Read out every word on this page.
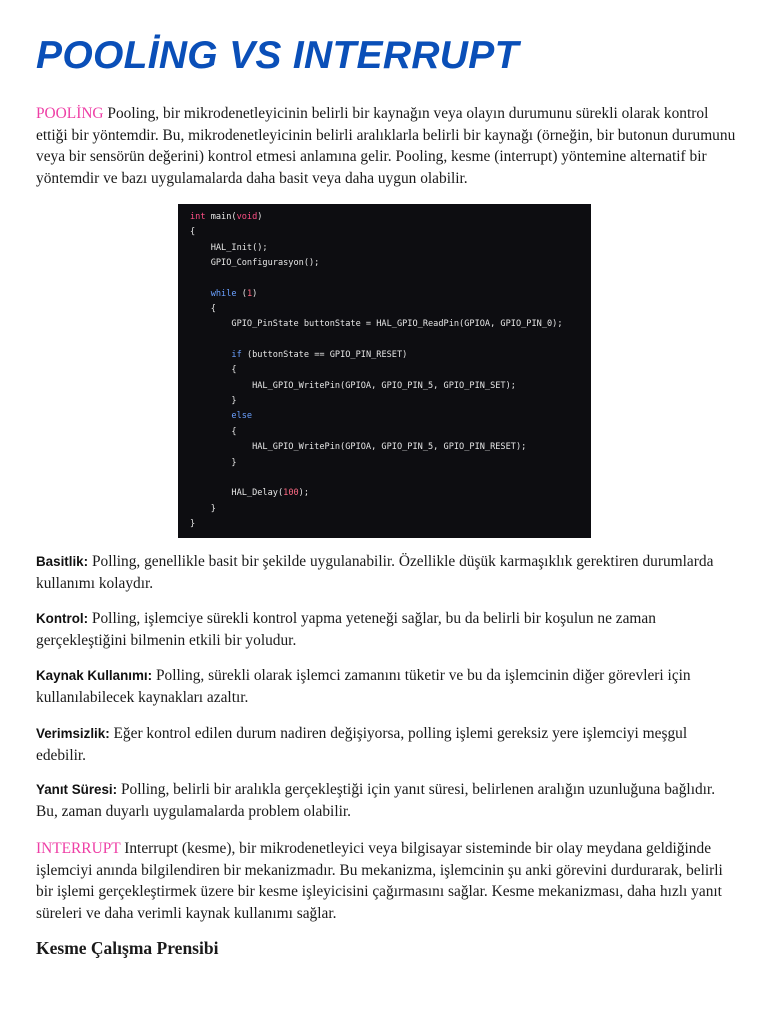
POOLİNG VS INTERRUPT

POOLİNG Pooling, bir mikrodenetleyicinin belirli bir kaynağın veya olayın durumunu sürekli olarak kontrol ettiği bir yöntemdir. Bu, mikrodenetleyicinin belirli aralıklarla belirli bir kaynağı (örneğin, bir butonun durumunu veya bir sensörün değerini) kontrol etmesi anlamına gelir. Pooling, kesme (interrupt) yöntemine alternatif bir yöntemdir ve bazı uygulamalarda daha basit veya daha uygun olabilir.

int main(void)
{
HAL_Init();
GPIO_Configurasyon();
while (1)
{
GPIO_PinState buttonState = HAL_GPIO_ReadPin(GPIOA, GPIO_PIN_0);
if (buttonState == GPIO_PIN_RESET)
{
HAL_GPIO_WritePin(GPIOA, GPIO_PIN_5, GPIO_PIN_SET);
}
else
{
HAL_GPIO_WritePin(GPIOA, GPIO_PIN_5, GPIO_PIN_RESET);
}
HAL_Delay(100);
}
}

Basitlik: Polling, genellikle basit bir şekilde uygulanabilir. Özellikle düşük karmaşıklık gerektiren durumlarda kullanımı kolaydır.

Kontrol: Polling, işlemciye sürekli kontrol yapma yeteneği sağlar, bu da belirli bir koşulun ne zaman gerçekleştiğini bilmenin etkili bir yoludur.

Kaynak Kullanımı: Polling, sürekli olarak işlemci zamanını tüketir ve bu da işlemcinin diğer görevleri için kullanılabilecek kaynakları azaltır.

Verimsizlik: Eğer kontrol edilen durum nadiren değişiyorsa, polling işlemi gereksiz yere işlemciyi meşgul edebilir.

Yanıt Süresi: Polling, belirli bir aralıkla gerçekleştiği için yanıt süresi, belirlenen aralığın uzunluğuna bağlıdır. Bu, zaman duyarlı uygulamalarda problem olabilir.

INTERRUPT Interrupt (kesme), bir mikrodenetleyici veya bilgisayar sisteminde bir olay meydana geldiğinde işlemciyi anında bilgilendiren bir mekanizmadır. Bu mekanizma, işlemcinin şu anki görevini durdurarak, belirli bir işlemi gerçekleştirmek üzere bir kesme işleyicisini çağırmasını sağlar. Kesme mekanizması, daha hızlı yanıt süreleri ve daha verimli kaynak kullanımı sağlar.

Kesme Çalışma Prensibi
